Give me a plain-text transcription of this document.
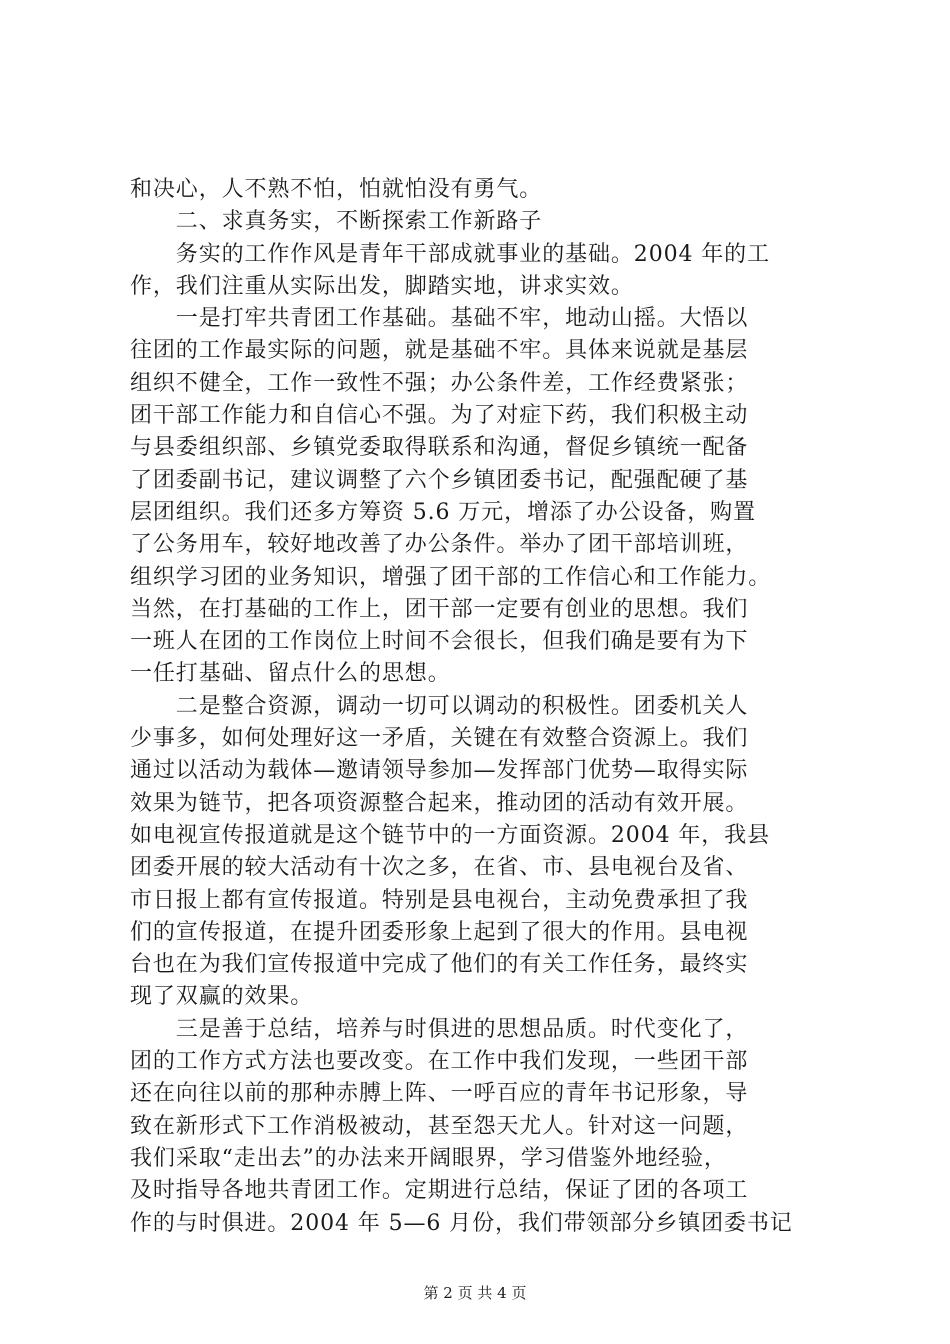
和决心，人不熟不怕，怕就怕没有勇气。
　　二、求真务实，不断探索工作新路子
　　务实的工作作风是青年干部成就事业的基础。2004 年的工
作，我们注重从实际出发，脚踏实地，讲求实效。
　　一是打牢共青团工作基础。基础不牢，地动山摇。大悟以
往团的工作最实际的问题，就是基础不牢。具体来说就是基层
组织不健全，工作一致性不强；办公条件差，工作经费紧张；
团干部工作能力和自信心不强。为了对症下药，我们积极主动
与县委组织部、乡镇党委取得联系和沟通，督促乡镇统一配备
了团委副书记，建议调整了六个乡镇团委书记，配强配硬了基
层团组织。我们还多方筹资 5.6 万元，增添了办公设备，购置
了公务用车，较好地改善了办公条件。举办了团干部培训班，
组织学习团的业务知识，增强了团干部的工作信心和工作能力。
当然，在打基础的工作上，团干部一定要有创业的思想。我们
一班人在团的工作岗位上时间不会很长，但我们确是要有为下
一任打基础、留点什么的思想。
　　二是整合资源，调动一切可以调动的积极性。团委机关人
少事多，如何处理好这一矛盾，关键在有效整合资源上。我们
通过以活动为载体—邀请领导参加—发挥部门优势—取得实际
效果为链节，把各项资源整合起来，推动团的活动有效开展。
如电视宣传报道就是这个链节中的一方面资源。2004 年，我县
团委开展的较大活动有十次之多，在省、市、县电视台及省、
市日报上都有宣传报道。特别是县电视台，主动免费承担了我
们的宣传报道，在提升团委形象上起到了很大的作用。县电视
台也在为我们宣传报道中完成了他们的有关工作任务，最终实
现了双赢的效果。
　　三是善于总结，培养与时俱进的思想品质。时代变化了，
团的工作方式方法也要改变。在工作中我们发现，一些团干部
还在向往以前的那种赤膊上阵、一呼百应的青年书记形象，导
致在新形式下工作消极被动，甚至怨天尤人。针对这一问题，
我们采取“走出去”的办法来开阔眼界，学习借鉴外地经验，
及时指导各地共青团工作。定期进行总结，保证了团的各项工
作的与时俱进。2004 年 5—6 月份，我们带领部分乡镇团委书记
第 2 页 共 4 页
